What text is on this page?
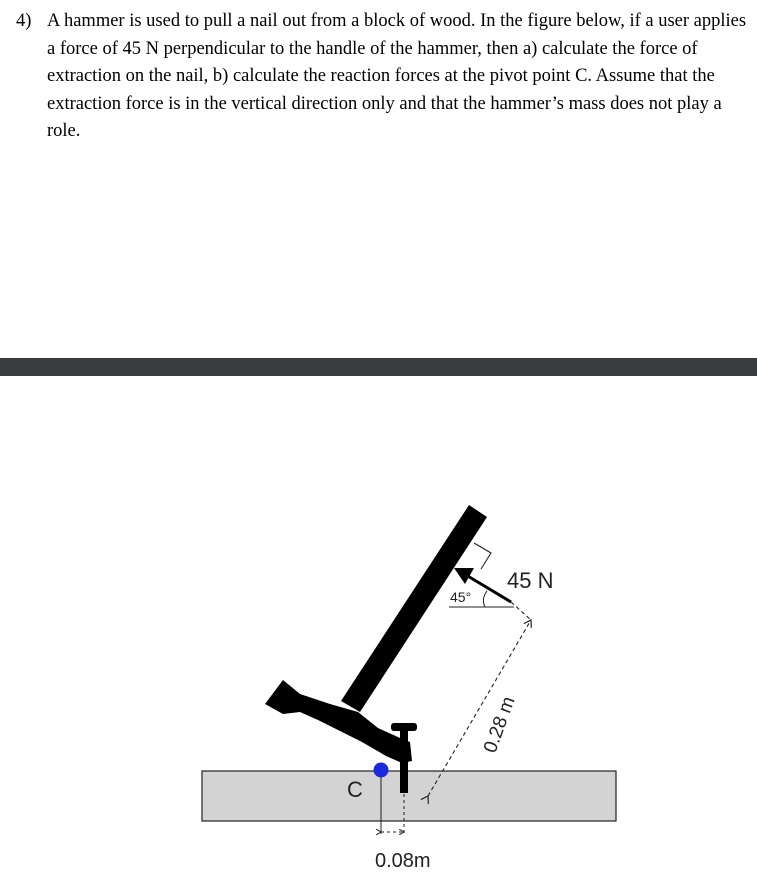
4) A hammer is used to pull a nail out from a block of wood. In the figure below, if a user applies a force of 45 N perpendicular to the handle of the hammer, then a) calculate the force of extraction on the nail, b) calculate the reaction forces at the pivot point C. Assume that the extraction force is in the vertical direction only and that the hammer’s mass does not play a role.
45 N
45°
C
0.28 m
0.08m
